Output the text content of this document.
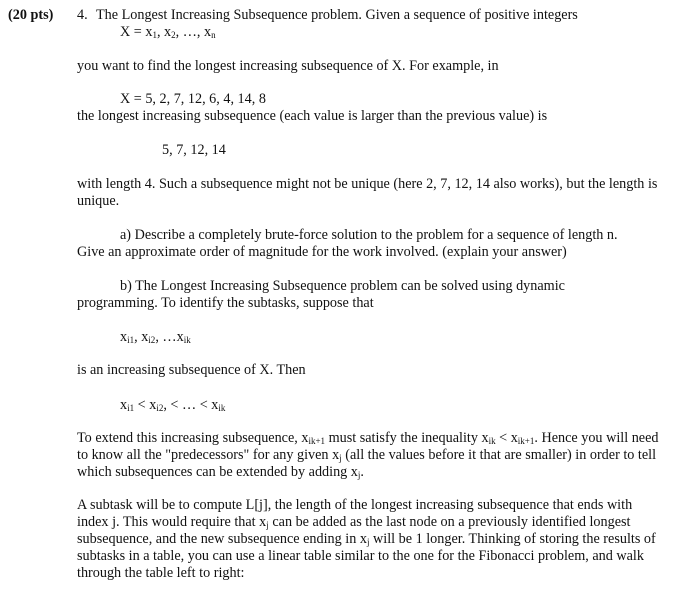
(20 pts) 4. The Longest Increasing Subsequence problem. Given a sequence of positive integers
$X = x_1$, $x_2$, …, $x_n$
you want to find the longest increasing subsequence of X. For example, in
X = 5, 2, 7, 12, 6, 4, 14, 8
the longest increasing subsequence (each value is larger than the previous value) is
5, 7, 12, 14
with length 4. Such a subsequence might not be unique (here 2, 7, 12, 14 also works), but the length is unique.
a) Describe a completely brute-force solution to the problem for a sequence of length n.
Give an approximate order of magnitude for the work involved. (explain your answer)
b) The Longest Increasing Subsequence problem can be solved using dynamic
programming. To identify the subtasks, suppose that
$x_{i1}$, $x_{i2}$, $\dots x_{ik}$
is an increasing subsequence of X. Then
$x_{i1} < x_{i2}$, < … < $x_{ik}$
To extend this increasing subsequence, $x_{ik+1}$ must satisfy the inequality $x_{ik} < x_{ik+1}$. Hence you will need to know all the "predecessors" for any given $x_j$ (all the values before it that are smaller) in order to tell which subsequences can be extended by adding $x_j$.
A subtask will be to compute L[j], the length of the longest increasing subsequence that ends with index j. This would require that $x_j$ can be added as the last node on a previously identified longest subsequence, and the new subsequence ending in $x_j$ will be 1 longer. Thinking of storing the results of subtasks in a table, you can use a linear table similar to the one for the Fibonacci problem, and walk through the table left to right:
